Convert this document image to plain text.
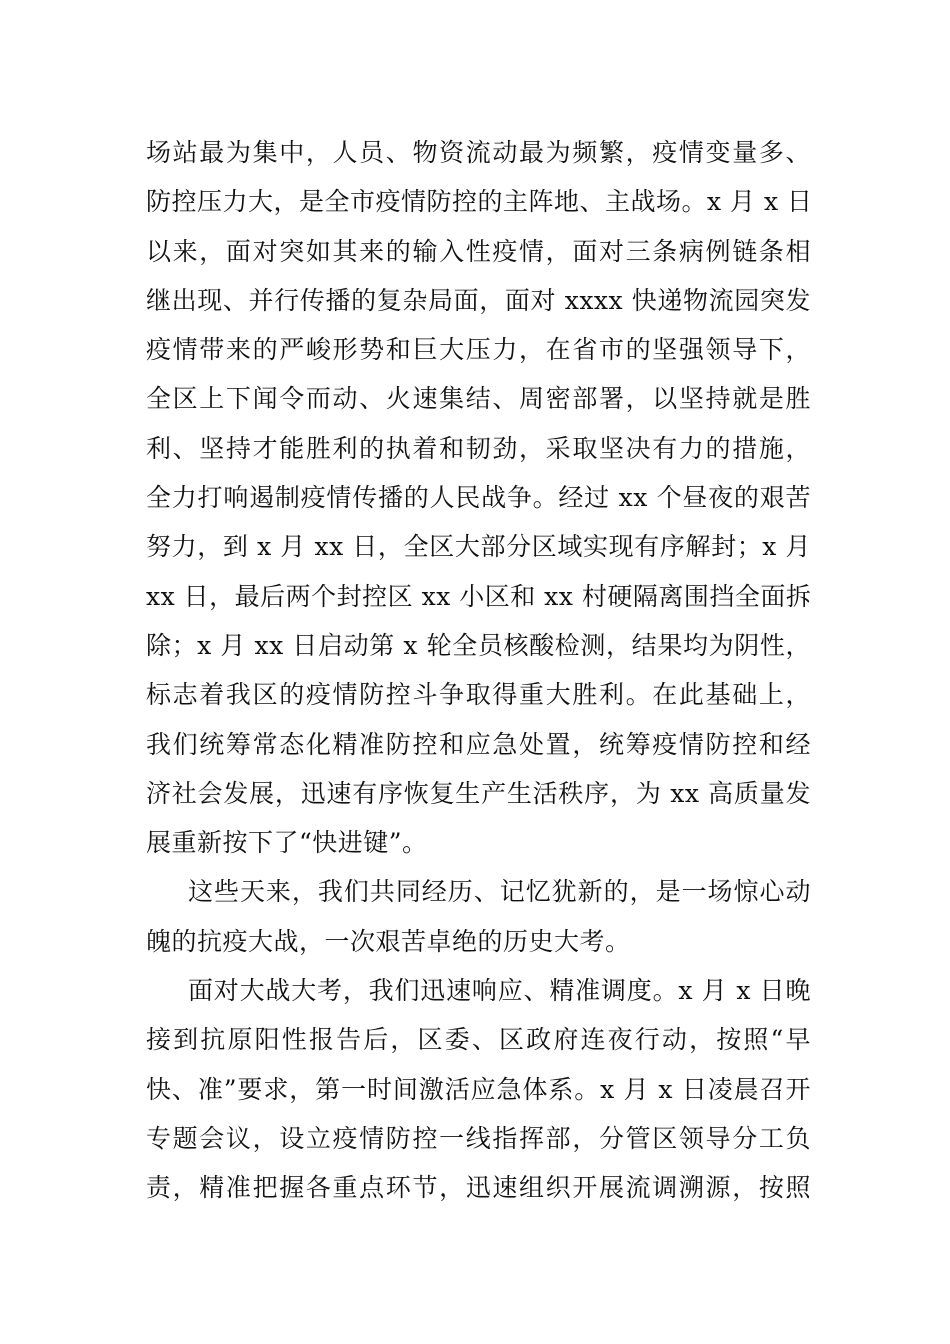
场站最为集中，人员、物资流动最为频繁，疫情变量多、
防控压力大，是全市疫情防控的主阵地、主战场。x 月 x 日
以来，面对突如其来的输入性疫情，面对三条病例链条相
继出现、并行传播的复杂局面，面对 xxxx 快递物流园突发
疫情带来的严峻形势和巨大压力，在省市的坚强领导下，
全区上下闻令而动、火速集结、周密部署，以坚持就是胜
利、坚持才能胜利的执着和韧劲，采取坚决有力的措施，
全力打响遏制疫情传播的人民战争。经过 xx 个昼夜的艰苦
努力，到 x 月 xx 日，全区大部分区域实现有序解封；x 月
xx 日，最后两个封控区 xx 小区和 xx 村硬隔离围挡全面拆
除；x 月 xx 日启动第 x 轮全员核酸检测，结果均为阴性，
标志着我区的疫情防控斗争取得重大胜利。在此基础上，
我们统筹常态化精准防控和应急处置，统筹疫情防控和经
济社会发展，迅速有序恢复生产生活秩序，为 xx 高质量发
展重新按下了“快进键”。
这些天来，我们共同经历、记忆犹新的，是一场惊心动
魄的抗疫大战，一次艰苦卓绝的历史大考。
面对大战大考，我们迅速响应、精准调度。x 月 x 日晚
接到抗原阳性报告后，区委、区政府连夜行动，按照“早
快、准”要求，第一时间激活应急体系。x 月 x 日凌晨召开
专题会议，设立疫情防控一线指挥部，分管区领导分工负
责，精准把握各重点环节，迅速组织开展流调溯源，按照
